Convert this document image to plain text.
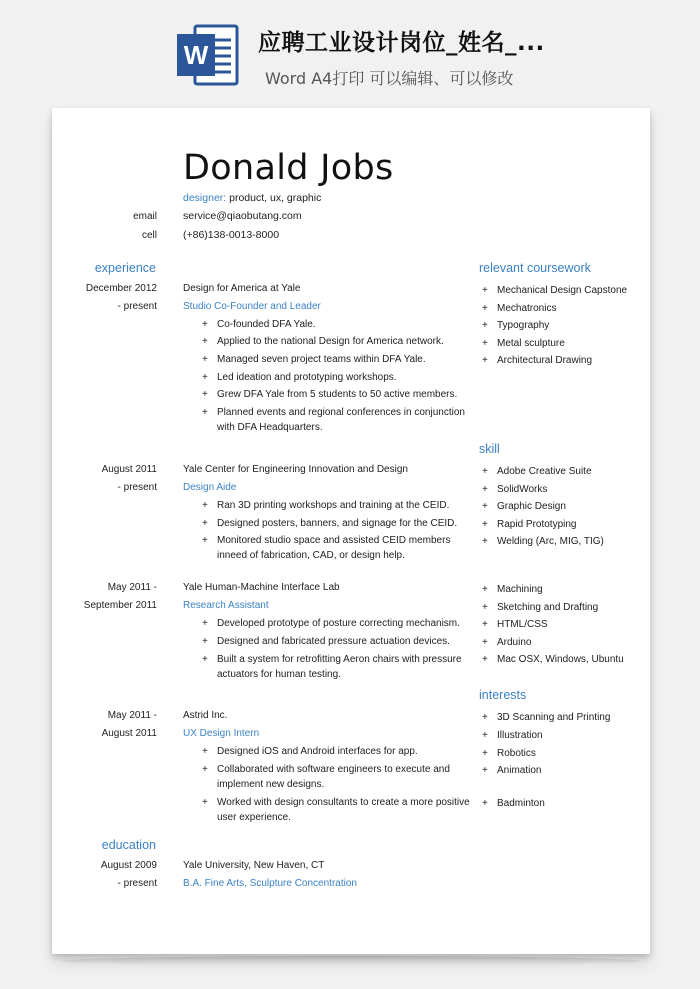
W 应聘工业设计岗位_姓名_...
Word A4打印 可以编辑、可以修改
Donald Jobs
designer: product, ux, graphic
email service@qiaobutang.com
cell (+86)138-0013-8000
experience
December 2012
- present
Design for America at Yale
Studio Co-Founder and Leader
+ Co-founded DFA Yale.
+ Applied to the national Design for America network.
+ Managed seven project teams within DFA Yale.
+ Led ideation and prototyping workshops.
+ Grew DFA Yale from 5 students to 50 active members.
+ Planned events and regional conferences in conjunction with DFA Headquarters.
August 2011
- present
Yale Center for Engineering Innovation and Design
Design Aide
+ Ran 3D printing workshops and training at the CEID.
+ Designed posters, banners, and signage for the CEID.
+ Monitored studio space and assisted CEID members inneed of fabrication, CAD, or design help.
May 2011 -
September 2011
Yale Human-Machine Interface Lab
Research Assistant
+ Developed prototype of posture correcting mechanism.
+ Designed and fabricated pressure actuation devices.
+ Built a system for retrofitting Aeron chairs with pressure actuators for human testing.
May 2011 -
August 2011
Astrid Inc.
UX Design Intern
+ Designed iOS and Android interfaces for app.
+ Collaborated with software engineers to execute and implement new designs.
+ Worked with design consultants to create a more positive user experience.
education
August 2009
- present
Yale University, New Haven, CT
B.A. Fine Arts, Sculpture Concentration
relevant coursework
+ Mechanical Design Capstone
+ Mechatronics
+ Typography
+ Metal sculpture
+ Architectural Drawing
skill
+ Adobe Creative Suite
+ SolidWorks
+ Graphic Design
+ Rapid Prototyping
+ Welding (Arc, MIG, TIG)
+ Machining
+ Sketching and Drafting
+ HTML/CSS
+ Arduino
+ Mac OSX, Windows, Ubuntu
interests
+ 3D Scanning and Printing
+ Illustration
+ Robotics
+ Animation
+ Badminton
